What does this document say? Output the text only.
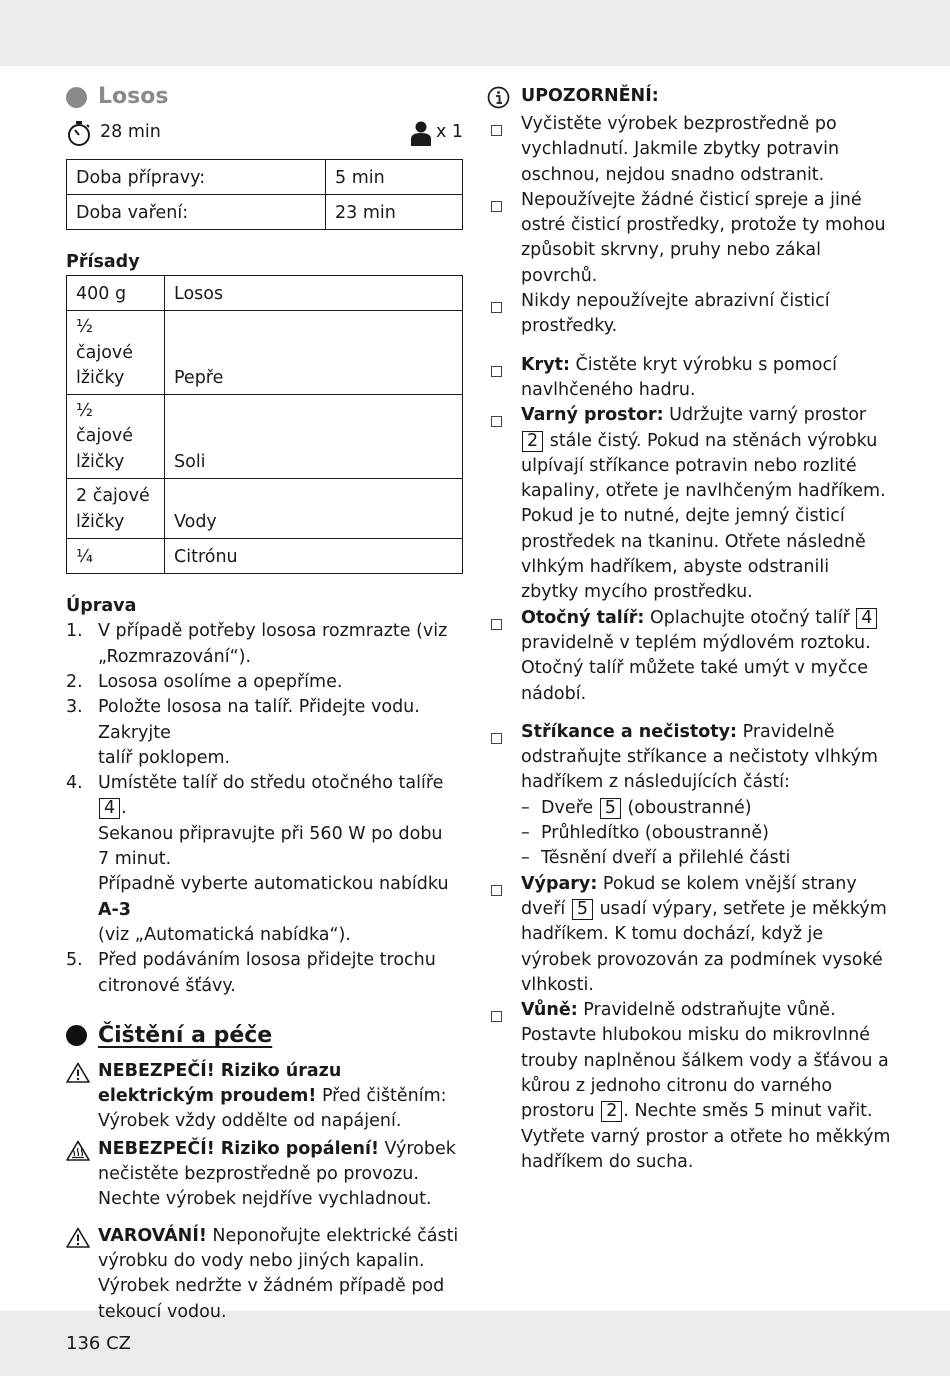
136 CZ
Losos
28 min	x 1
Doba přípravy:	5 min
Doba vaření:	23 min
Přísady
400 g	Losos
½ čajové
lžičky	Pepře
½ čajové
lžičky	Soli
2 čajové
lžičky	Vody
¼	Citrónu
Úprava
1. V případě potřeby lososa rozmrazte (viz
„Rozmrazování“).
2. Lososa osolíme a opepříme.
3. Položte lososa na talíř. Přidejte vodu. Zakryjte
talíř poklopem.
4. Umístěte talíř do středu otočného talíře 4 .
Sekanou připravujte při 560 W po dobu
7 minut.
Případně vyberte automatickou nabídku A-3
(viz „Automatická nabídka“).
5. Před podáváním lososa přidejte trochu
citronové šťávy.
Čištění a péče
NEBEZPEČÍ! Riziko úrazu elektrickým proudem! Před čištěním: Výrobek vždy oddělte od napájení.
NEBEZPEČÍ! Riziko popálení! Výrobek nečistěte bezprostředně po provozu. Nechte výrobek nejdříve vychladnout.
VAROVÁNÍ! Neponořujte elektrické části výrobku do vody nebo jiných kapalin. Výrobek nedržte v žádném případě pod tekoucí vodou.
UPOZORNĚNÍ:
Vyčistěte výrobek bezprostředně po vychladnutí. Jakmile zbytky potravin oschnou, nejdou snadno odstranit.
Nepoužívejte žádné čisticí spreje a jiné ostré čisticí prostředky, protože ty mohou způsobit skrvny, pruhy nebo zákal povrchů.
Nikdy nepoužívejte abrazivní čisticí prostředky.
Kryt: Čistěte kryt výrobku s pomocí navlhčeného hadru.
Varný prostor: Udržujte varný prostor 2 stále čistý. Pokud na stěnách výrobku ulpívají stříkance potravin nebo rozlité kapaliny, otřete je navlhčeným hadříkem.
Pokud je to nutné, dejte jemný čisticí prostředek na tkaninu. Otřete následně vlhkým hadříkem, abyste odstranili zbytky mycího prostředku.
Otočný talíř: Oplachujte otočný talíř 4 pravidelně v teplém mýdlovém roztoku. Otočný talíř můžete také umýt v myčce nádobí.
Stříkance a nečistoty: Pravidelně odstraňujte stříkance a nečistoty vlhkým hadříkem z následujících částí:
– Dveře 5 (oboustranné)
– Průhledítko (oboustranně)
– Těsnění dveří a přilehlé části
Výpary: Pokud se kolem vnější strany dveří 5 usadí výpary, setřete je měkkým hadříkem. K tomu dochází, když je výrobek provozován za podmínek vysoké vlhkosti.
Vůně: Pravidelně odstraňujte vůně. Postavte hlubokou misku do mikrovlnné trouby naplněnou šálkem vody a šťávou a kůrou z jednoho citronu do varného prostoru 2 . Nechte směs 5 minut vařit. Vytřete varný prostor a otřete ho měkkým hadříkem do sucha.
